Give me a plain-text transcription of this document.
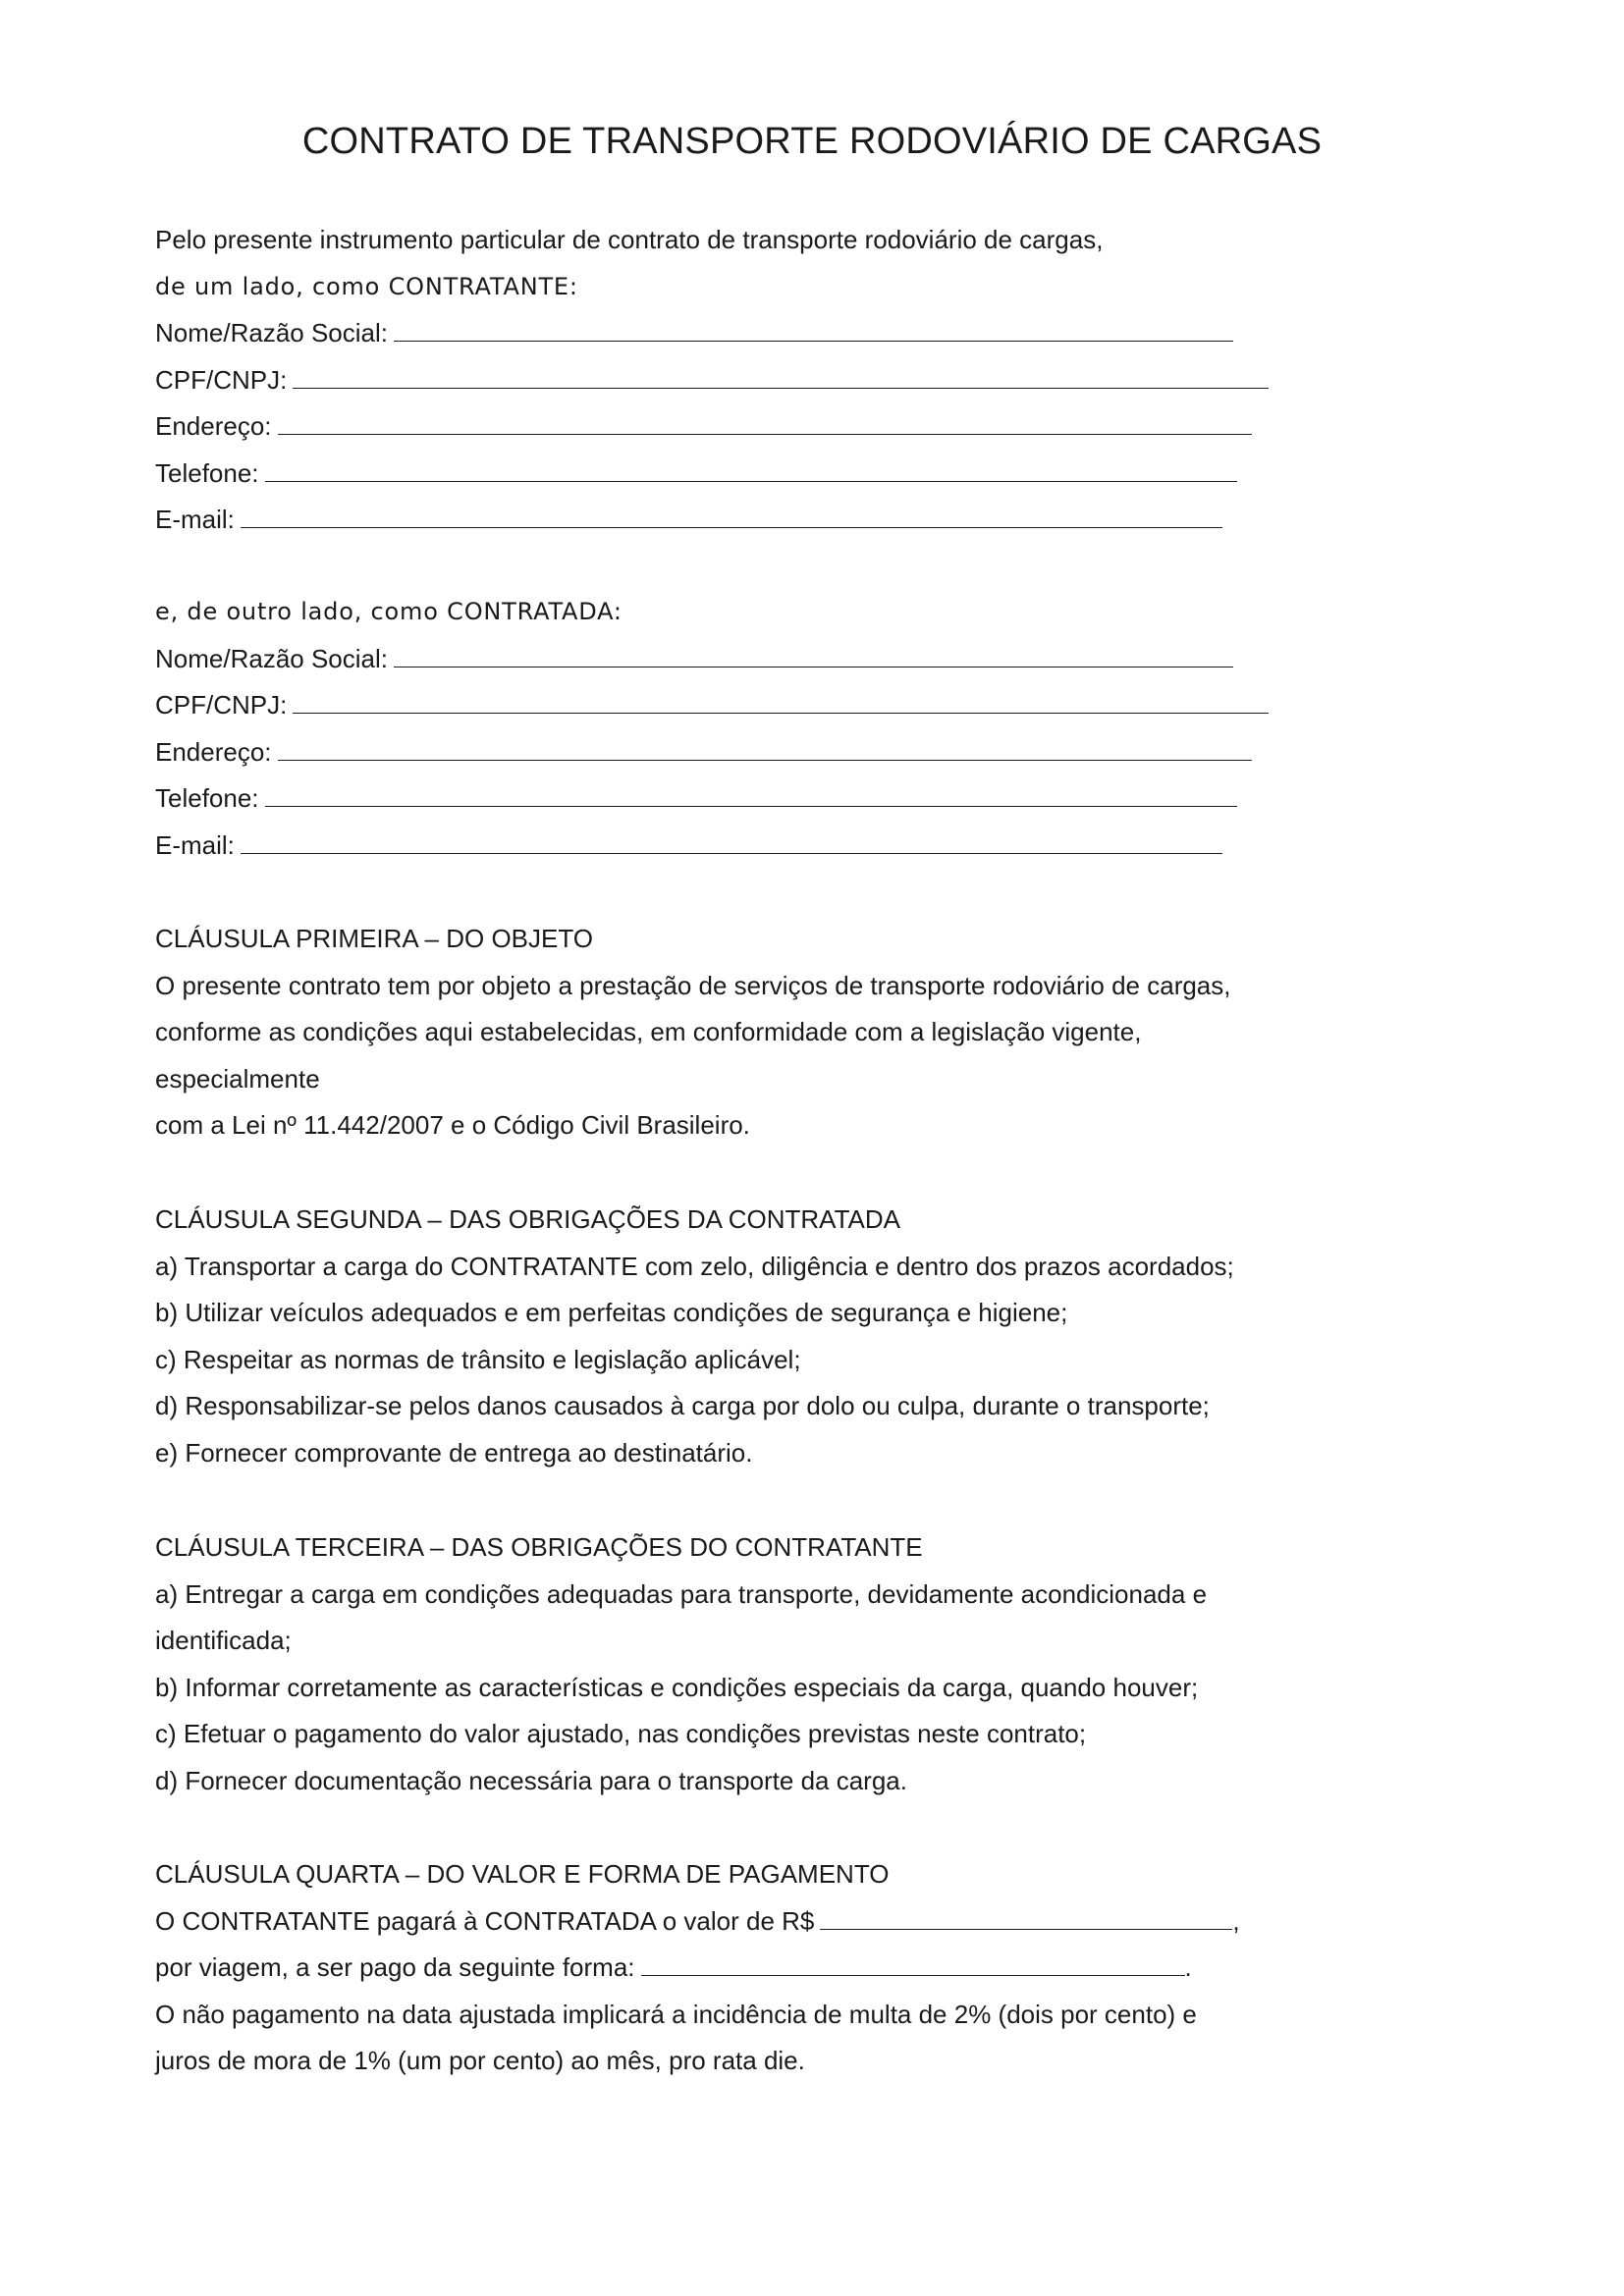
CONTRATO DE TRANSPORTE RODOVIÁRIO DE CARGAS
Pelo presente instrumento particular de contrato de transporte rodoviário de cargas,
de um lado, como CONTRATANTE:
Nome/Razão Social:
CPF/CNPJ:
Endereço:
Telefone:
E-mail:
e, de outro lado, como CONTRATADA:
Nome/Razão Social:
CPF/CNPJ:
Endereço:
Telefone:
E-mail:
CLÁUSULA PRIMEIRA – DO OBJETO
O presente contrato tem por objeto a prestação de serviços de transporte rodoviário de cargas,
conforme as condições aqui estabelecidas, em conformidade com a legislação vigente,
especialmente
com a Lei nº 11.442/2007 e o Código Civil Brasileiro.
CLÁUSULA SEGUNDA – DAS OBRIGAÇÕES DA CONTRATADA
a) Transportar a carga do CONTRATANTE com zelo, diligência e dentro dos prazos acordados;
b) Utilizar veículos adequados e em perfeitas condições de segurança e higiene;
c) Respeitar as normas de trânsito e legislação aplicável;
d) Responsabilizar-se pelos danos causados à carga por dolo ou culpa, durante o transporte;
e) Fornecer comprovante de entrega ao destinatário.
CLÁUSULA TERCEIRA – DAS OBRIGAÇÕES DO CONTRATANTE
a) Entregar a carga em condições adequadas para transporte, devidamente acondicionada e
identificada;
b) Informar corretamente as características e condições especiais da carga, quando houver;
c) Efetuar o pagamento do valor ajustado, nas condições previstas neste contrato;
d) Fornecer documentação necessária para o transporte da carga.
CLÁUSULA QUARTA – DO VALOR E FORMA DE PAGAMENTO
O CONTRATANTE pagará à CONTRATADA o valor de R$	,
por viagem, a ser pago da seguinte forma:	.
O não pagamento na data ajustada implicará a incidência de multa de 2% (dois por cento) e
juros de mora de 1% (um por cento) ao mês, pro rata die.
